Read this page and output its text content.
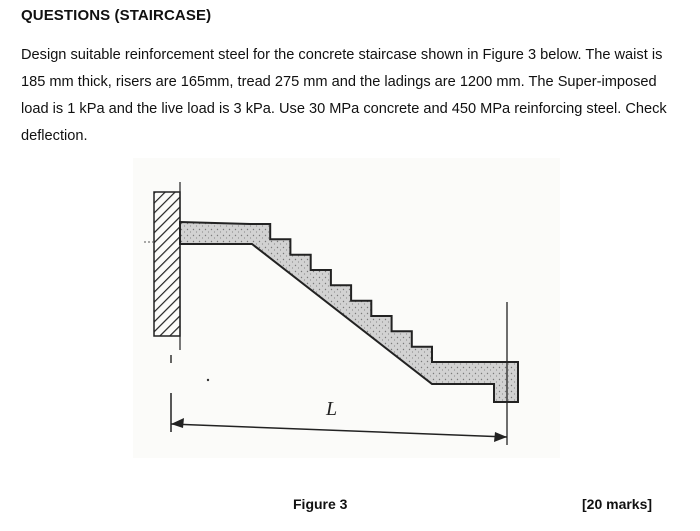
QUESTIONS (STAIRCASE)

Design suitable reinforcement steel for the concrete staircase shown in Figure 3 below. The waist is 185 mm thick, risers are 165mm, tread 275 mm and the ladings are 1200 mm. The Super-imposed load is 1 kPa and the live load is 3 kPa. Use 30 MPa concrete and 450 MPa reinforcing steel. Check deflection.

L
Figure 3	[20 marks]
